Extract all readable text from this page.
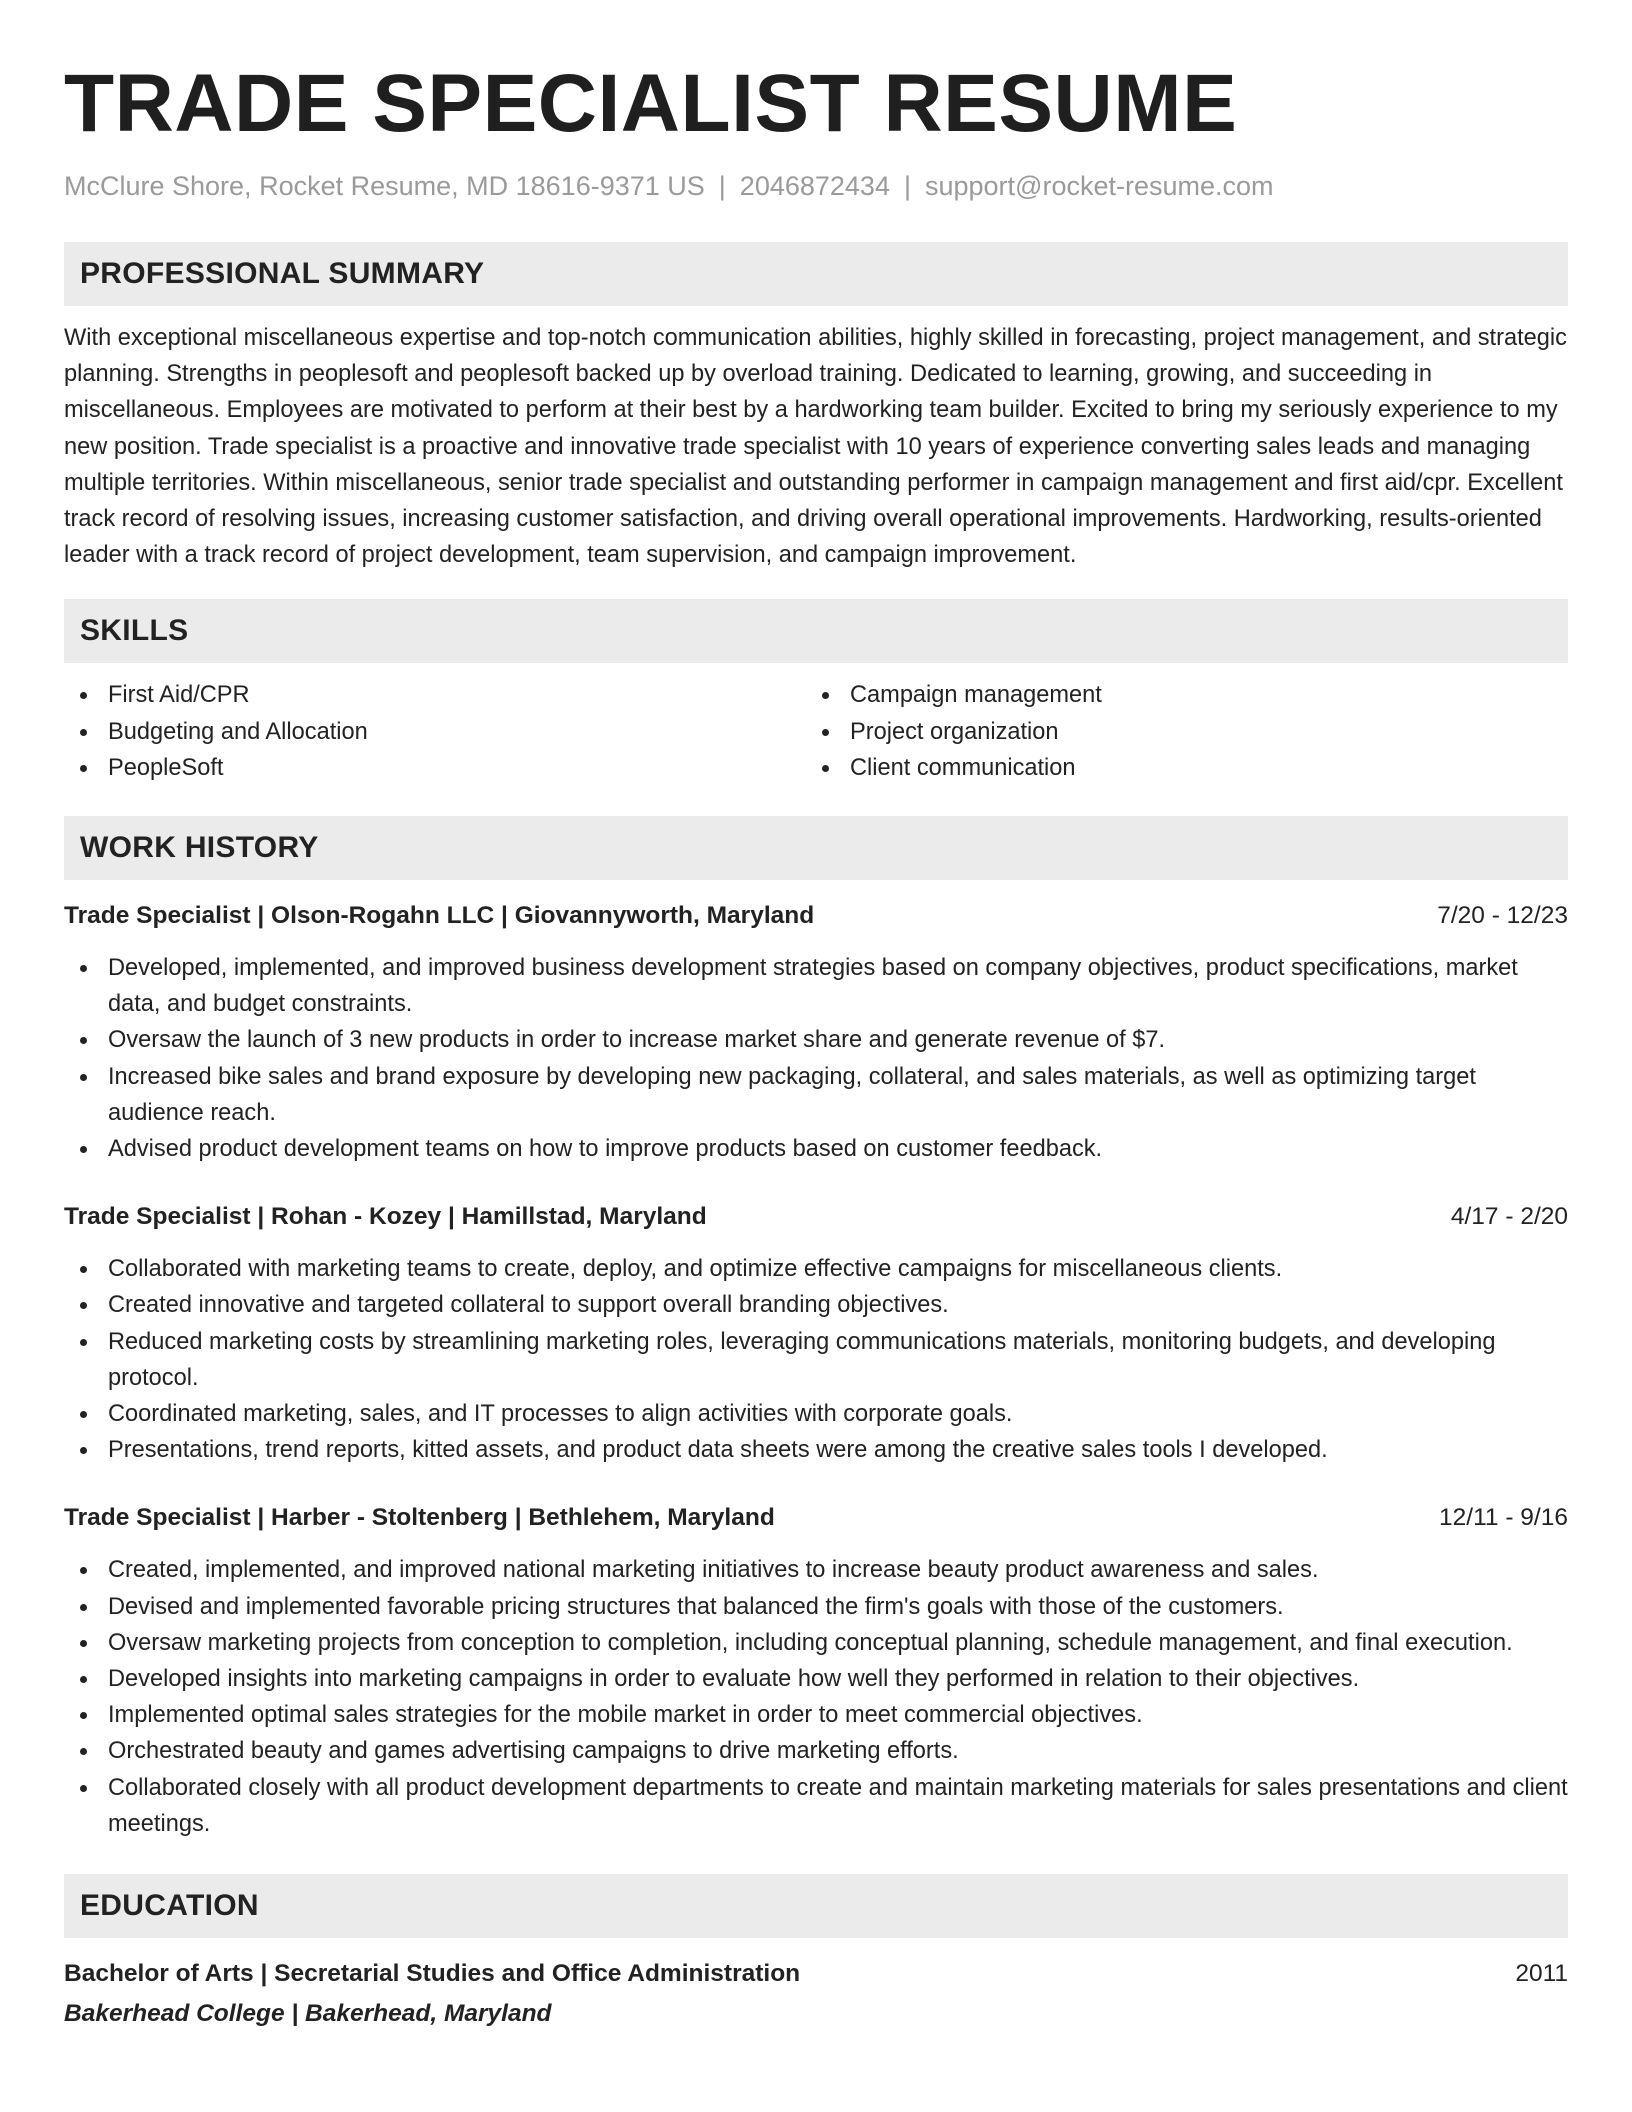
TRADE SPECIALIST RESUME
McClure Shore, Rocket Resume, MD 18616-9371 US | 2046872434 | support@rocket-resume.com
PROFESSIONAL SUMMARY

With exceptional miscellaneous expertise and top-notch communication abilities, highly skilled in forecasting, project management, and strategic planning. Strengths in peoplesoft and peoplesoft backed up by overload training. Dedicated to learning, growing, and succeeding in miscellaneous. Employees are motivated to perform at their best by a hardworking team builder. Excited to bring my seriously experience to my new position. Trade specialist is a proactive and innovative trade specialist with 10 years of experience converting sales leads and managing multiple territories. Within miscellaneous, senior trade specialist and outstanding performer in campaign management and first aid/cpr. Excellent track record of resolving issues, increasing customer satisfaction, and driving overall operational improvements. Hardworking, results-oriented leader with a track record of project development, team supervision, and campaign improvement.

SKILLS
First Aid/CPR
Budgeting and Allocation
PeopleSoft
Campaign management
Project organization
Client communication
WORK HISTORY
Trade Specialist | Olson-Rogahn LLC | Giovannyworth, Maryland	7/20 - 12/23
Developed, implemented, and improved business development strategies based on company objectives, product specifications, market data, and budget constraints.
Oversaw the launch of 3 new products in order to increase market share and generate revenue of $7.
Increased bike sales and brand exposure by developing new packaging, collateral, and sales materials, as well as optimizing target audience reach.
Advised product development teams on how to improve products based on customer feedback.
Trade Specialist | Rohan - Kozey | Hamillstad, Maryland	4/17 - 2/20
Collaborated with marketing teams to create, deploy, and optimize effective campaigns for miscellaneous clients.
Created innovative and targeted collateral to support overall branding objectives.
Reduced marketing costs by streamlining marketing roles, leveraging communications materials, monitoring budgets, and developing protocol.
Coordinated marketing, sales, and IT processes to align activities with corporate goals.
Presentations, trend reports, kitted assets, and product data sheets were among the creative sales tools I developed.
Trade Specialist | Harber - Stoltenberg | Bethlehem, Maryland	12/11 - 9/16
Created, implemented, and improved national marketing initiatives to increase beauty product awareness and sales.
Devised and implemented favorable pricing structures that balanced the firm's goals with those of the customers.
Oversaw marketing projects from conception to completion, including conceptual planning, schedule management, and final execution.
Developed insights into marketing campaigns in order to evaluate how well they performed in relation to their objectives.
Implemented optimal sales strategies for the mobile market in order to meet commercial objectives.
Orchestrated beauty and games advertising campaigns to drive marketing efforts.
Collaborated closely with all product development departments to create and maintain marketing materials for sales presentations and client meetings.
EDUCATION
Bachelor of Arts | Secretarial Studies and Office Administration	2011
Bakerhead College | Bakerhead, Maryland
